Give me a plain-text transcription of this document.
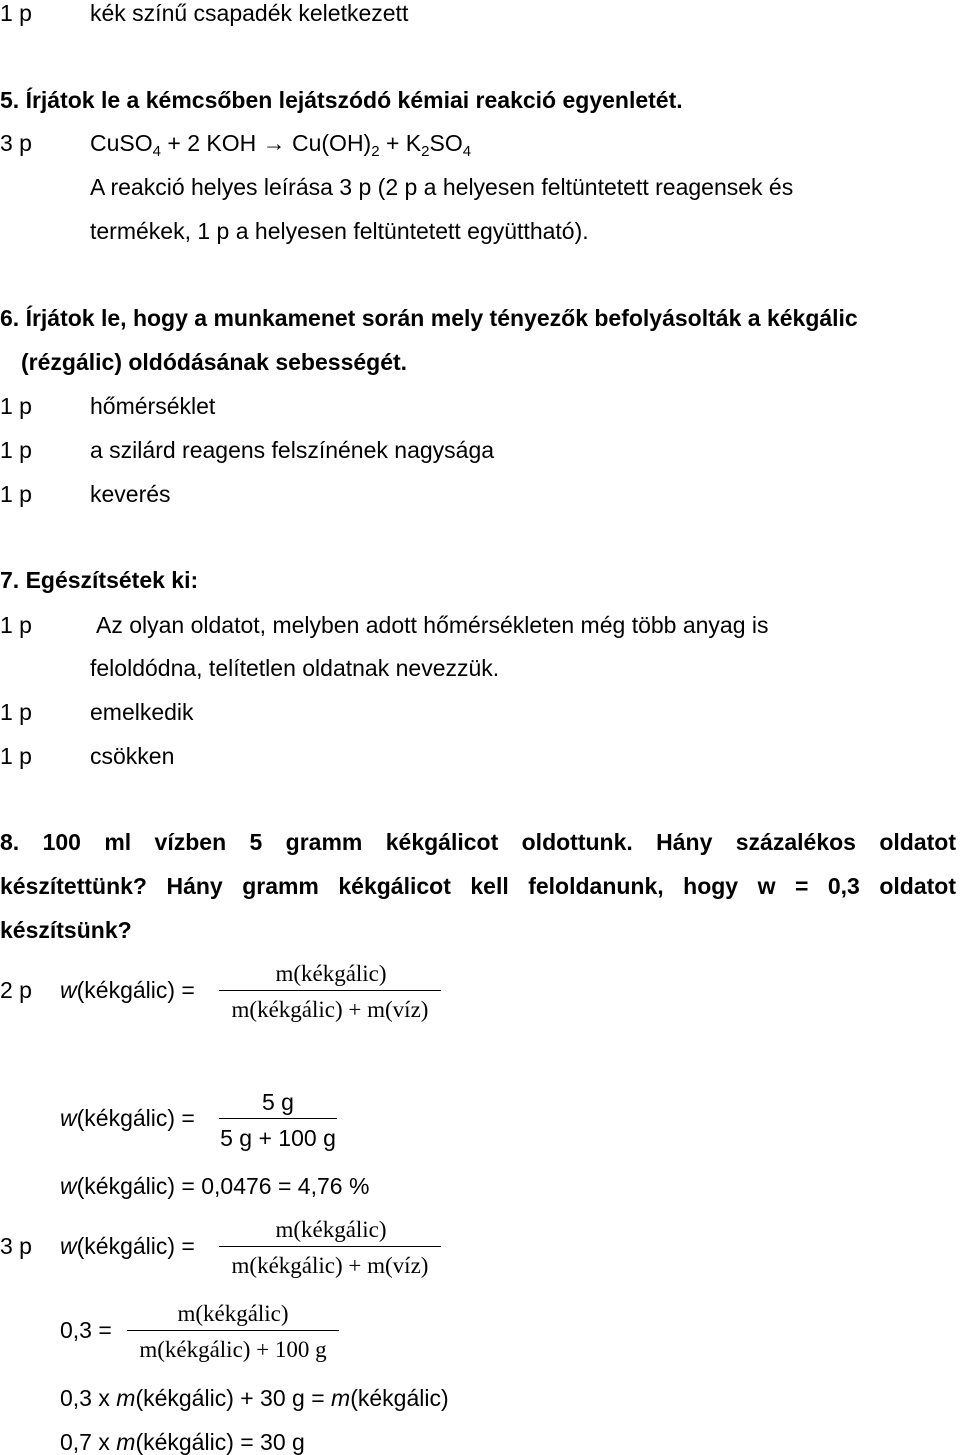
1 p	kék színű csapadék keletkezett
5. Írjátok le a kémcsőben lejátszódó kémiai reakció egyenletét.
3 p	CuSO$_4$ + 2 KOH → $Cu(OH)_2 + K_2SO_4$
A reakció helyes leírása 3 p (2 p a helyesen feltüntetett reagensek és
termékek, 1 p a helyesen feltüntetett együttható).
6. Írjátok le, hogy a munkamenet során mely tényezők befolyásolták a kékgálic
(rézgálic) oldódásának sebességét.
1 p	hőmérséklet
1 p	a szilárd reagens felszínének nagysága
1 p	keverés
7. Egészítsétek ki:
1 p	Az olyan oldatot, melyben adott hőmérsékleten még több anyag is
feloldódna, telítetlen oldatnak nevezzük.
1 p	emelkedik
1 p	csökken
8. 100 ml vízben 5 gramm kékgálicot oldottunk. Hány százalékos oldatot
készítettünk? Hány gramm kékgálicot kell feloldanunk, hogy w = 0,3 oldatot
készítsünk?
2 p w(kékgálic) =
m(kékgálic)
m(kékgálic) + m(víz)
w(kékgálic) =
5 g
5 g + 100 g
w(kékgálic) = 0,0476 = 4,76 %
3 p w(kékgálic) =
m(kékgálic)
m(kékgálic) + m(víz)
0,3 =
m(kékgálic)
m(kékgálic) + 100 g
0,3 x m(kékgálic) + 30 g = m(kékgálic)
0,7 x m(kékgálic) = 30 g
